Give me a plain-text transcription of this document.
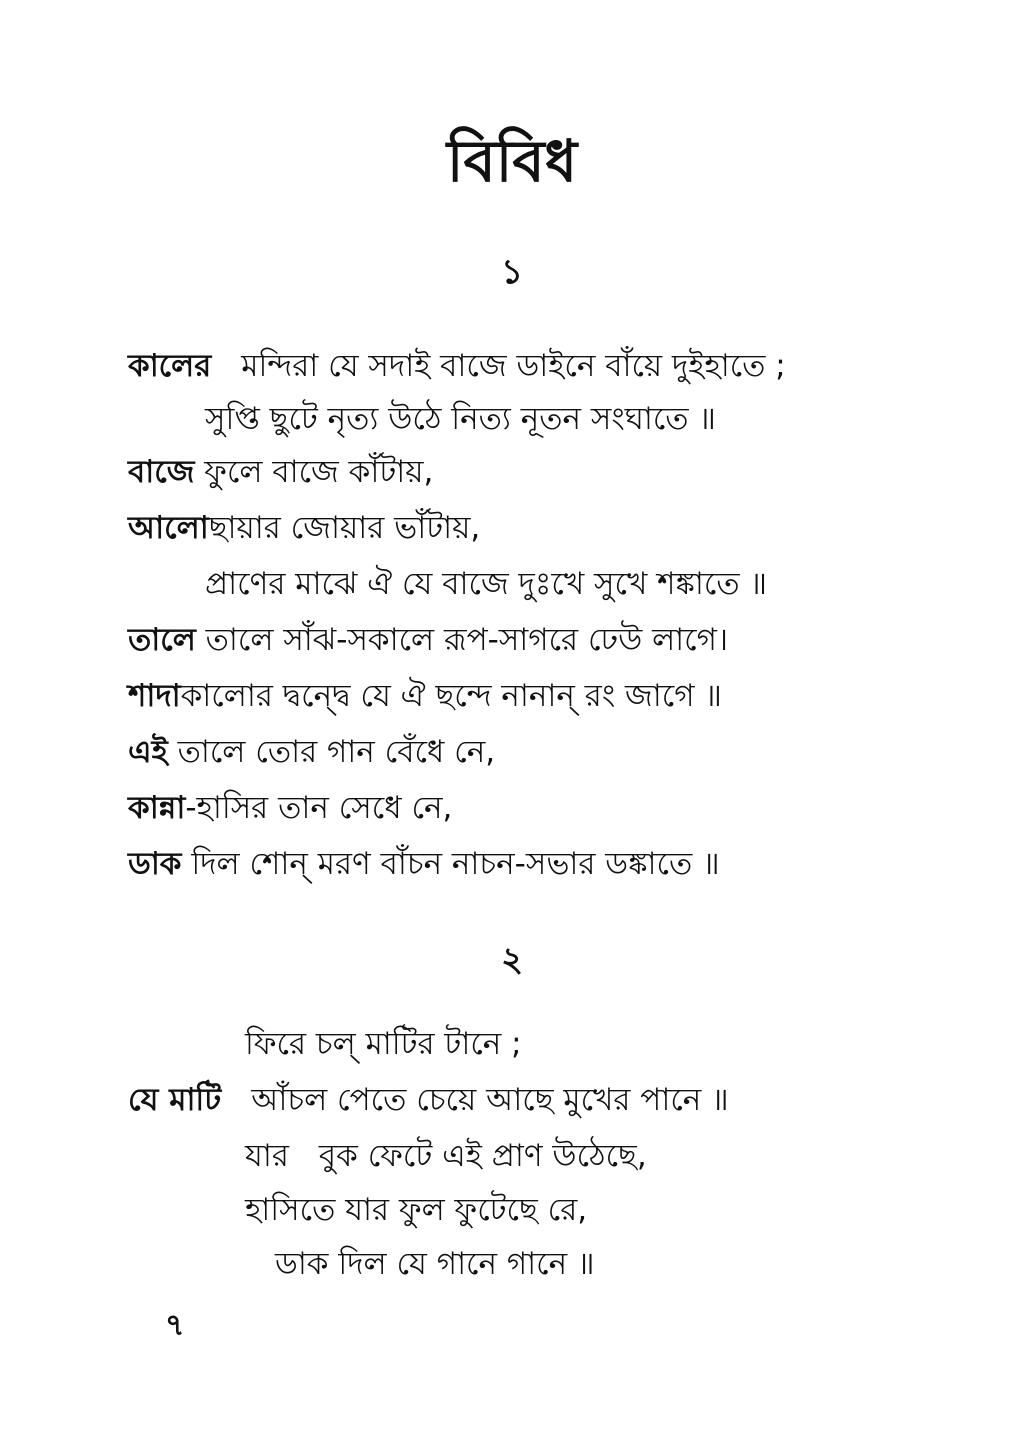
বিবিধ
১
কালের মন্দিরা যে সদাই বাজে ডাইনে বাঁয়ে দুইহাতে ;
সুপ্তি ছুটে নৃত্য উঠে নিত্য নূতন সংঘাতে ॥
বাজে ফুলে বাজে কাঁটায়,
আলোছায়ার জোয়ার ভাঁটায়,
প্রাণের মাঝে ঐ যে বাজে দুঃখে সুখে শঙ্কাতে ॥
তালে তালে সাঁঝ-সকালে রূপ-সাগরে ঢেউ লাগে।
শাদাকালোর দ্বন্দ্বে যে ঐ ছন্দে নানান্ রং জাগে ॥
এই তালে তোর গান বেঁধে নে,
কান্না-হাসির তান সেধে নে,
ডাক দিল শোন্ মরণ বাঁচন নাচন-সভার ডঙ্কাতে ॥
২
ফিরে চল্ মাটির টানে ;
যে মাটি আঁচল পেতে চেয়ে আছে মুখের পানে ॥
যার বুক ফেটে এই প্রাণ উঠেছে,
হাসিতে যার ফুল ফুটেছে রে,
ডাক দিল যে গানে গানে ॥
৭
